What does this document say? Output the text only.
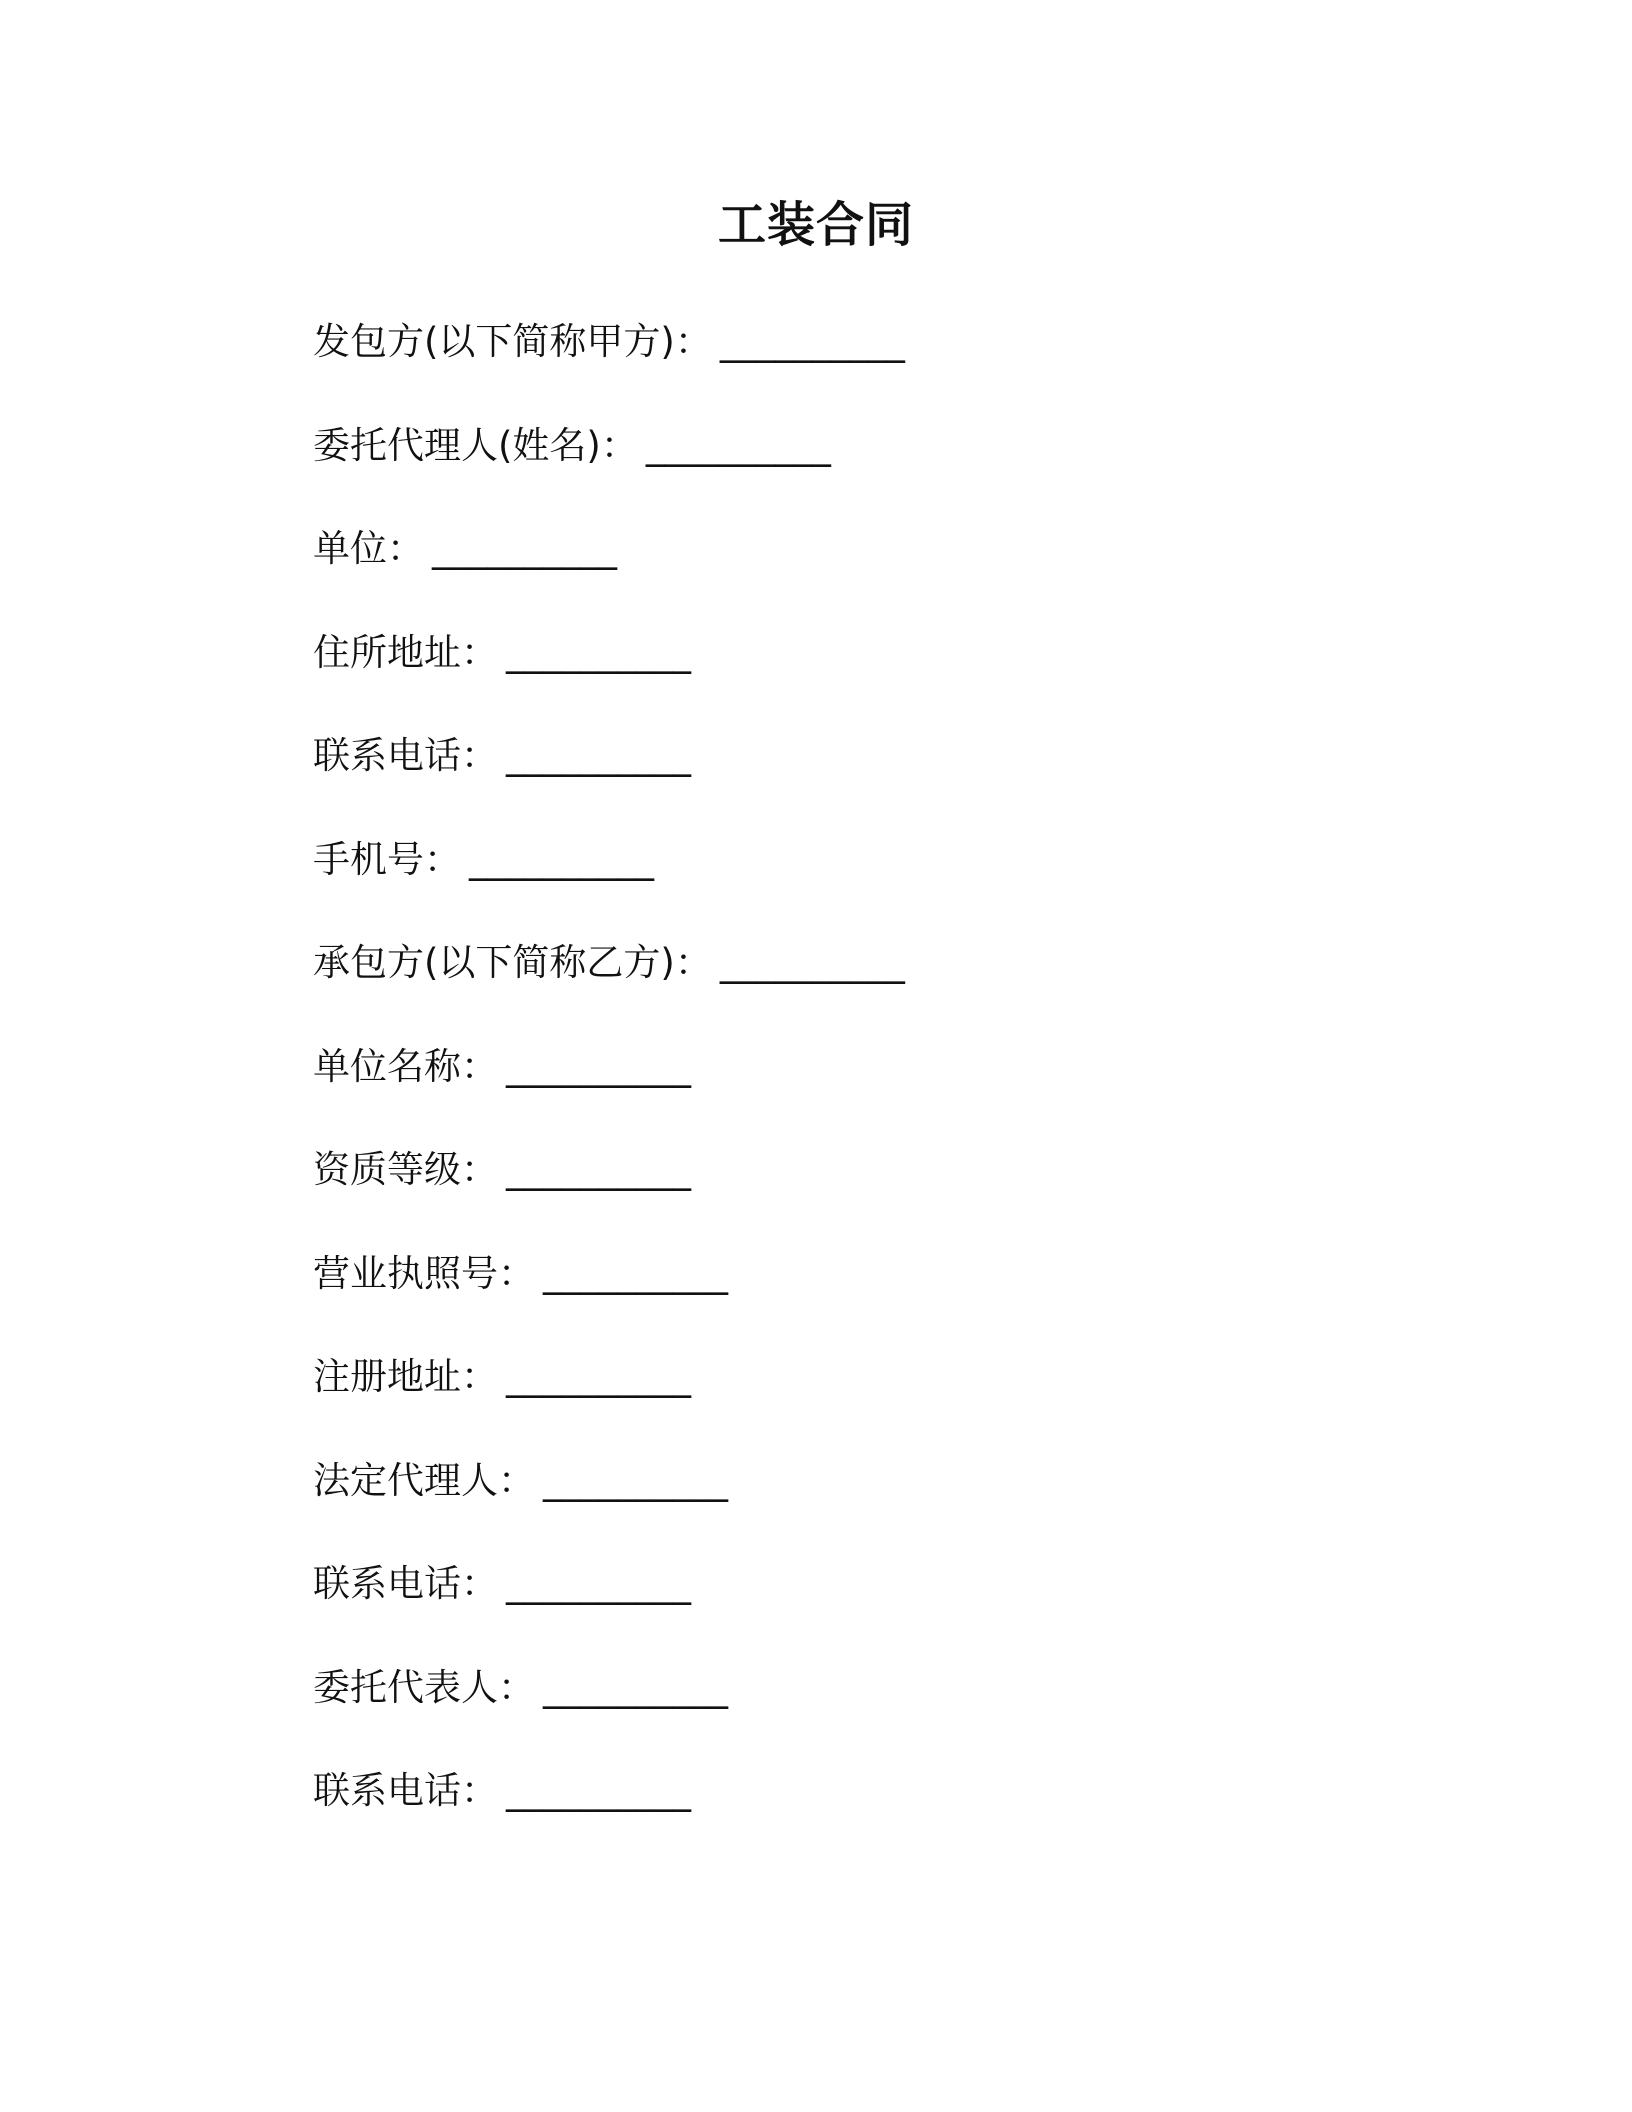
工装合同
发包方(以下简称甲方)： __________
委托代理人(姓名)： __________
单位： __________
住所地址： __________
联系电话： __________
手机号： __________
承包方(以下简称乙方)： __________
单位名称： __________
资质等级： __________
营业执照号： __________
注册地址： __________
法定代理人： __________
联系电话： __________
委托代表人： __________
联系电话： __________
